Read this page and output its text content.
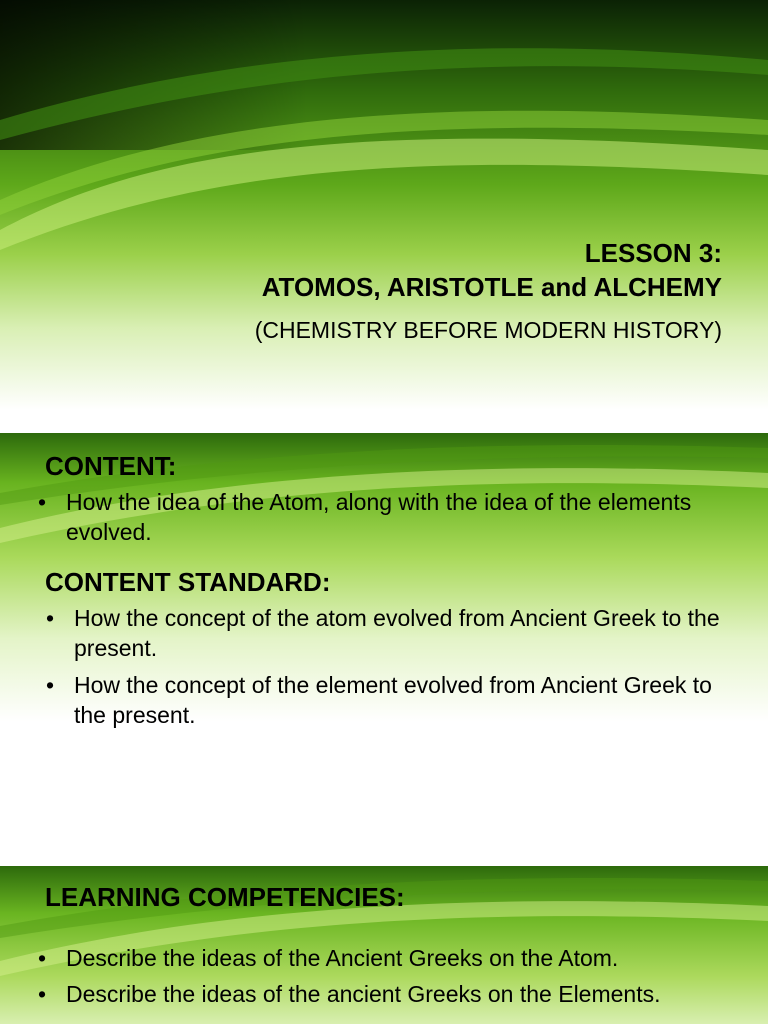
LESSON 3:
ATOMOS, ARISTOTLE and ALCHEMY
(CHEMISTRY BEFORE MODERN HISTORY)
CONTENT:
• How the idea of the Atom, along with the idea of the elements evolved.
CONTENT STANDARD:
• How the concept of the atom evolved from Ancient Greek to the present.
• How the concept of the element evolved from Ancient Greek to the present.
LEARNING COMPETENCIES:
• Describe the ideas of the Ancient Greeks on the Atom.
• Describe the ideas of the ancient Greeks on the Elements.
